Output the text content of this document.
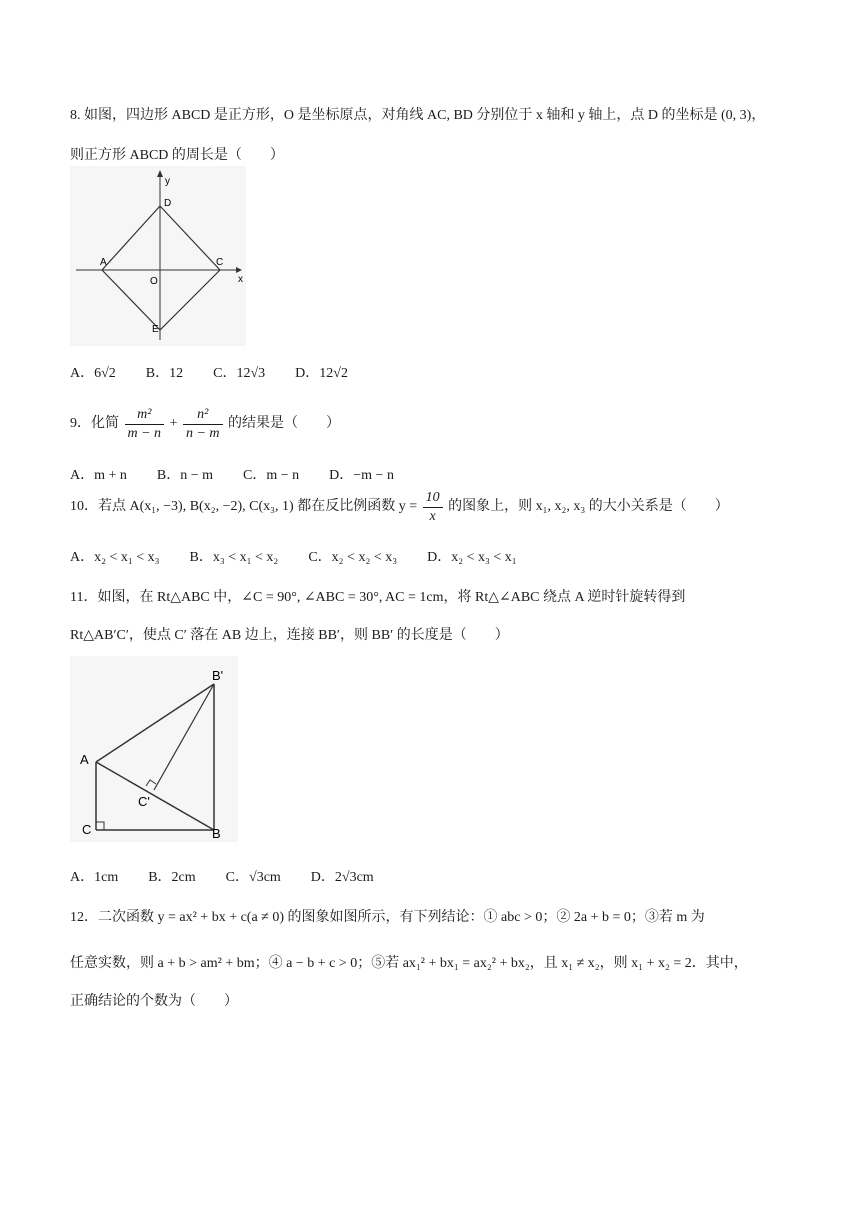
8. 如图，四边形 ABCD 是正方形，O 是坐标原点，对角线 AC, BD 分别位于 x 轴和 y 轴上，点 D 的坐标是 (0, 3)，
则正方形 ABCD 的周长是（　　）
y
x
D
A
O
C
E
A．6√2 B．12 C．12√3 D．12√2
9．化简 $\frac{\text{m²}}{m - n} + \frac{\text{n²}}{n - m}$ 的结果是（　　）
A．m + n B．n − m C．m − n D．−m − n
10．若点 A(x₁, −3), B(x₂, −2), C(x₃, 1) 都在反比例函数 $y = \frac{10}{x}$ 的图象上，则 x₁, x₂, x₃ 的大小关系是（　　）
A．x₂ < x₁ < x₃ B．x₃ < x₁ < x₂ C．x₂ < x₂ < x₃ D．x₂ < x₃ < x₁
11．如图，在 Rt△ABC 中，∠C = 90°, ∠ABC = 30°, AC = 1cm，将 Rt△∠ABC 绕点 A 逆时针旋转得到
Rt△AB′C′，使点 C′ 落在 AB 边上，连接 BB′，则 BB′ 的长度是（　　）
B'
A
C'
C	B
A．1cm B．2cm C．√3cm D．2√3cm
12．二次函数 y = ax² + bx + c(a ≠ 0) 的图象如图所示，有下列结论：① abc > 0；② 2a + b = 0；③若 m 为
任意实数，则 a + b > am² + bm；④ a − b + c > 0；⑤若 ax₁² + bx₁ = ax₂² + bx₂，且 x₁ ≠ x₂，则 x₁ + x₂ = 2．其中，
正确结论的个数为（　　）
